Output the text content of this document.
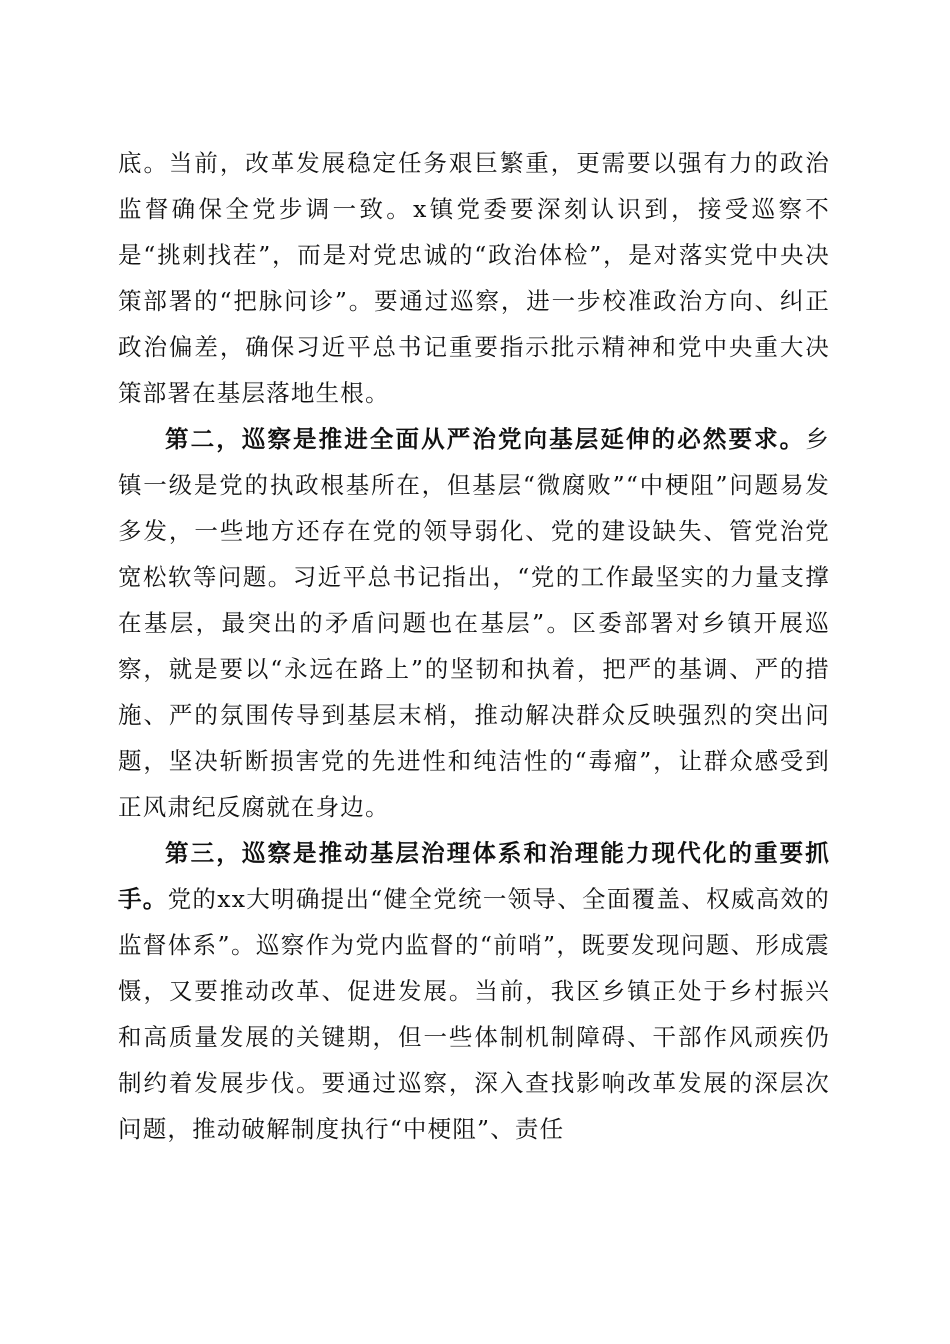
底。当前，改革发展稳定任务艰巨繁重，更需要以强有力的政治监督确保全党步调一致。x镇党委要深刻认识到，接受巡察不是“挑刺找茬”，而是对党忠诚的“政治体检”，是对落实党中央决策部署的“把脉问诊”。要通过巡察，进一步校准政治方向、纠正政治偏差，确保习近平总书记重要指示批示精神和党中央重大决策部署在基层落地生根。

第二，巡察是推进全面从严治党向基层延伸的必然要求。乡镇一级是党的执政根基所在，但基层“微腐败”“中梗阻”问题易发多发，一些地方还存在党的领导弱化、党的建设缺失、管党治党宽松软等问题。习近平总书记指出，“党的工作最坚实的力量支撑在基层，最突出的矛盾问题也在基层”。区委部署对乡镇开展巡察，就是要以“永远在路上”的坚韧和执着，把严的基调、严的措施、严的氛围传导到基层末梢，推动解决群众反映强烈的突出问题，坚决斩断损害党的先进性和纯洁性的“毒瘤”，让群众感受到正风肃纪反腐就在身边。

第三，巡察是推动基层治理体系和治理能力现代化的重要抓手。党的xx大明确提出“健全党统一领导、全面覆盖、权威高效的监督体系”。巡察作为党内监督的“前哨”，既要发现问题、形成震慑，又要推动改革、促进发展。当前，我区乡镇正处于乡村振兴和高质量发展的关键期，但一些体制机制障碍、干部作风顽疾仍制约着发展步伐。要通过巡察，深入查找影响改革发展的深层次问题，推动破解制度执行“中梗阻”、责任
